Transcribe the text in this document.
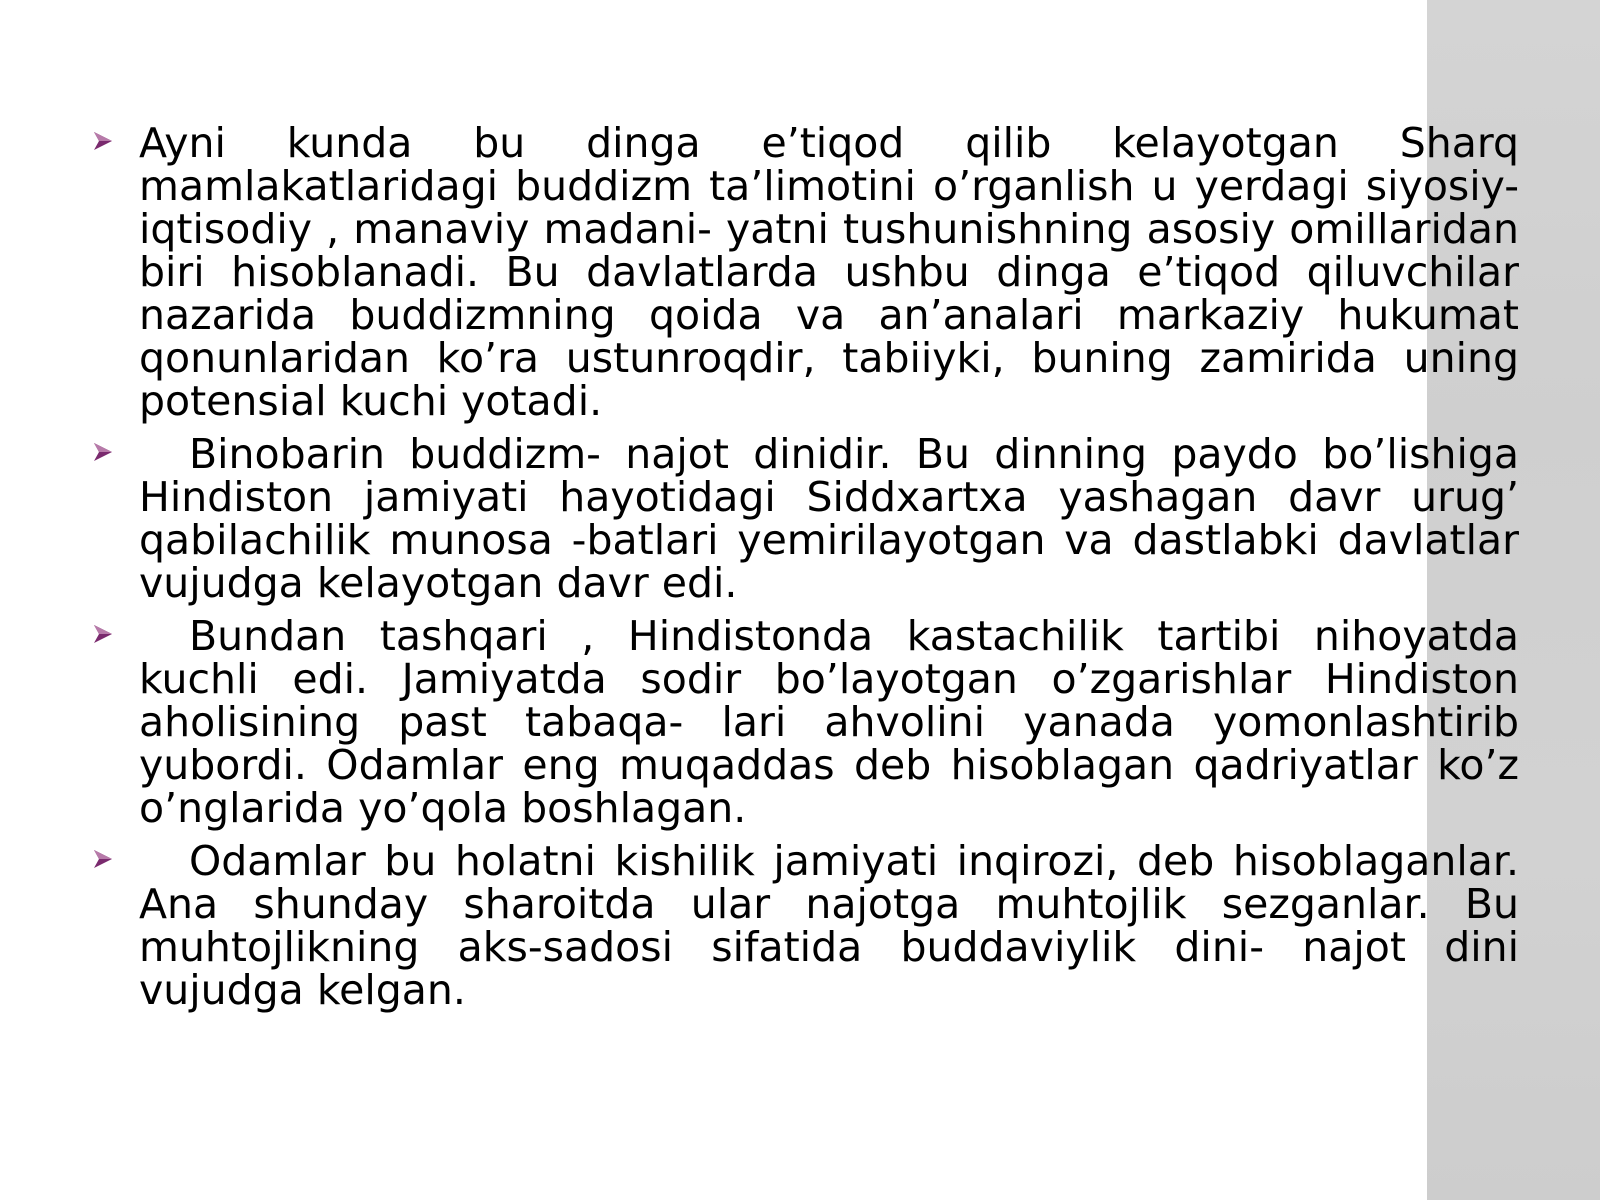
Ayni kunda bu dinga e’tiqod qilib kelayotgan Sharq mamlakatlaridagi buddizm ta’limotini o’rganlish u yerdagi siyosiy-iqtisodiy , manaviy madani- yatni tushunishning asosiy omillaridan biri hisoblanadi. Bu davlatlarda ushbu dinga e’tiqod qiluvchilar nazarida buddizmning qoida va an’analari markaziy hukumat qonunlaridan ko’ra ustunroqdir, tabiiyki, buning zamirida uning potensial kuchi yotadi.
Binobarin buddizm- najot dinidir. Bu dinning paydo bo’lishiga Hindiston jamiyati hayotidagi Siddxartxa yashagan davr urug’ qabilachilik munosa -batlari yemirilayotgan va dastlabki davlatlar vujudga kelayotgan davr edi.
Bundan tashqari , Hindistonda kastachilik tartibi nihoyatda kuchli edi. Jamiyatda sodir bo’layotgan o’zgarishlar Hindiston aholisining past tabaqa- lari ahvolini yanada yomonlashtirib yubordi. Odamlar eng muqaddas deb hisoblagan qadriyatlar ko’z o’nglarida yo’qola boshlagan.
Odamlar bu holatni kishilik jamiyati inqirozi, deb hisoblaganlar. Ana shunday sharoitda ular najotga muhtojlik sezganlar. Bu muhtojlikning aks-sadosi sifatida buddaviylik dini- najot dini vujudga kelgan.
